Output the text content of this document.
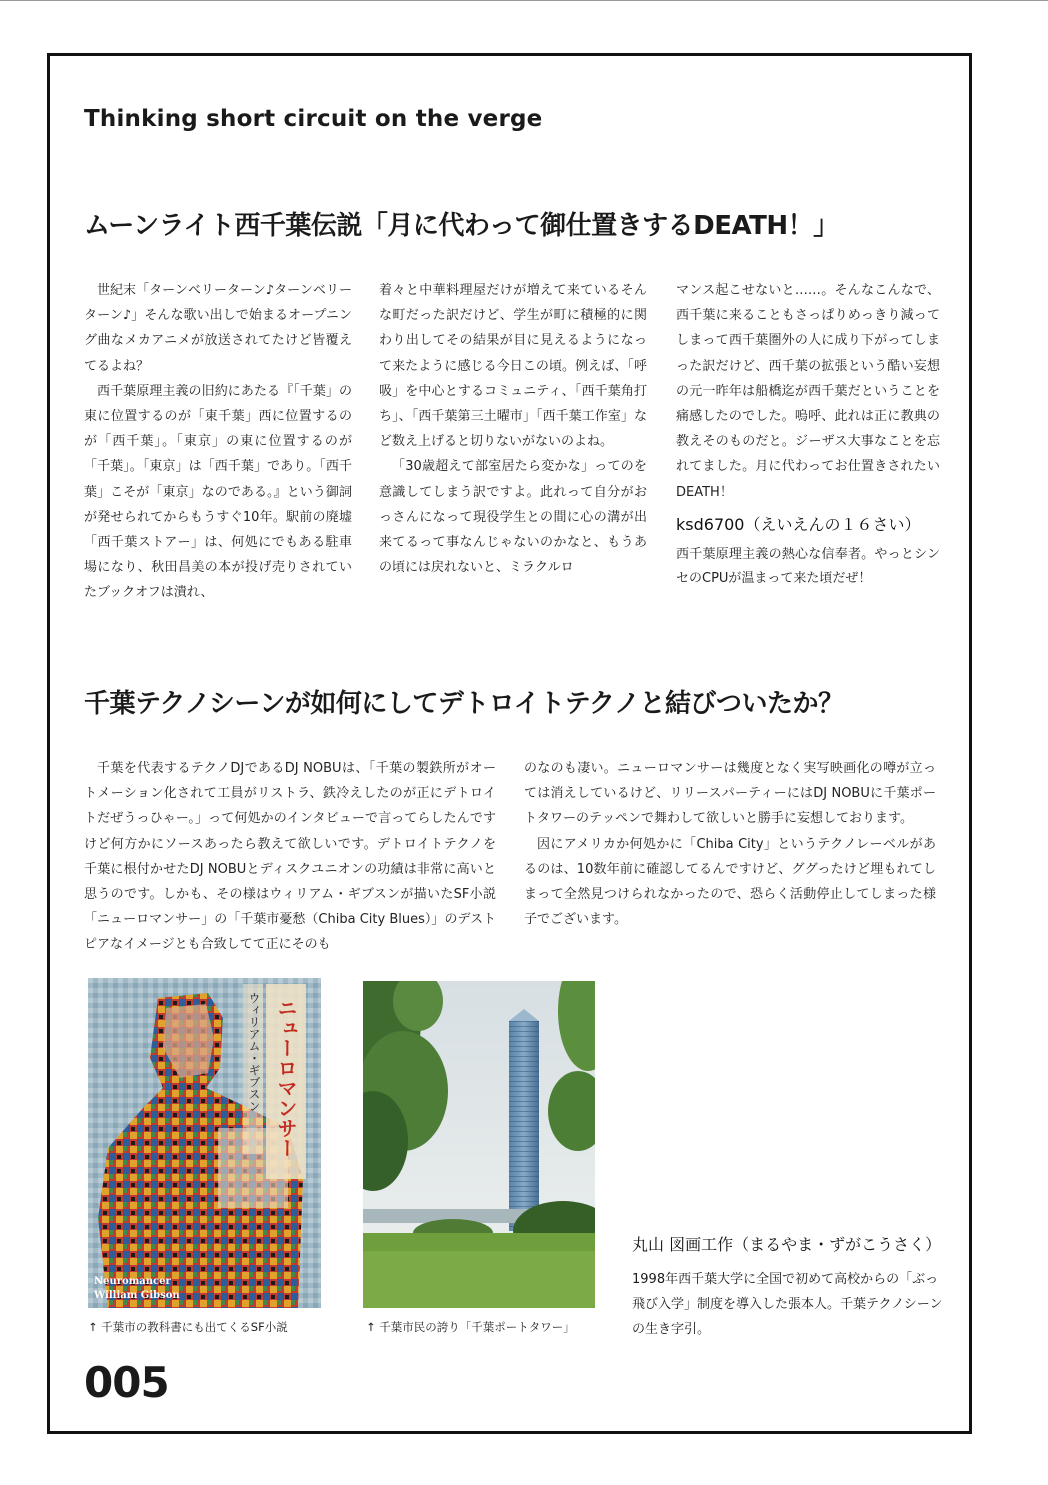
Thinking short circuit on the verge
ムーンライト西千葉伝説「月に代わって御仕置きするDEATH！」

世紀末「ターンベリーターン♪ターンベリーターン♪」そんな歌い出しで始まるオープニング曲なメカアニメが放送されてたけど皆覆えてるよね？

西千葉原理主義の旧約にあたる『「千葉」の東に位置するのが「東千葉」西に位置するのが「西千葉」。「東京」の東に位置するのが「千葉」。「東京」は「西千葉」であり。「西千葉」こそが「東京」なのである。』という御詞が発せられてからもうすぐ10年。駅前の廃墟「西千葉ストアー」は、何処にでもある駐車場になり、秋田昌美の本が投げ売りされていたブックオフは潰れ、

着々と中華料理屋だけが増えて来ているそんな町だった訳だけど、学生が町に積極的に関わり出してその結果が目に見えるようになって来たように感じる今日この頃。例えば、「呼吸」を中心とするコミュニティ、「西千葉角打ち」、「西千葉第三土曜市」「西千葉工作室」など数え上げると切りないがないのよね。

「30歳超えて部室居たら変かな」ってのを意識してしまう訳ですよ。此れって自分がおっさんになって現役学生との間に心の溝が出来てるって事なんじゃないのかなと、もうあの頃には戻れないと、ミラクルロ

マンス起こせないと……。そんなこんなで、西千葉に来ることもさっぱりめっきり減ってしまって西千葉圏外の人に成り下がってしまった訳だけど、西千葉の拡張という酷い妄想の元一昨年は船橋迄が西千葉だということを痛感したのでした。嗚呼、此れは正に教典の教えそのものだと。ジーザス大事なことを忘れてました。月に代わってお仕置きされたいDEATH！

ksd6700（えいえんの１６さい）
西千葉原理主義の熱心な信奉者。やっとシンセのCPUが温まって来た頃だぜ！
千葉テクノシーンが如何にしてデトロイトテクノと結びついたか？

千葉を代表するテクノDJであるDJ NOBUは、「千葉の製鉄所がオートメーション化されて工員がリストラ、鉄冷えしたのが正にデトロイトだぜうっひゃー。」って何処かのインタビューで言ってらしたんですけど何方かにソースあったら教えて欲しいです。デトロイトテクノを千葉に根付かせたDJ NOBUとディスクユニオンの功績は非常に高いと思うのです。しかも、その様はウィリアム・ギブスンが描いたSF小説「ニューロマンサー」の「千葉市憂愁（Chiba City Blues）」のデストピアなイメージとも合致してて正にそのも

のなのも凄い。ニューロマンサーは幾度となく実写映画化の噂が立っては消えしているけど、リリースパーティーにはDJ NOBUに千葉ポートタワーのテッペンで舞わして欲しいと勝手に妄想しております。

因にアメリカか何処かに「Chiba City」というテクノレーベルがあるのは、10数年前に確認してるんですけど、ググったけど埋もれてしまって全然見つけられなかったので、恐らく活動停止してしまった様子でございます。

ニューロマンサー
ウィリアム・ギブスン
Neuromancer
William Gibson
↑ 千葉市の教科書にも出てくるSF小説	↑ 千葉市民の誇り「千葉ポートタワー」
丸山 図画工作（まるやま・ずがこうさく）
1998年西千葉大学に全国で初めて高校からの「ぶっ飛び入学」制度を導入した張本人。千葉テクノシーンの生き字引。
005
